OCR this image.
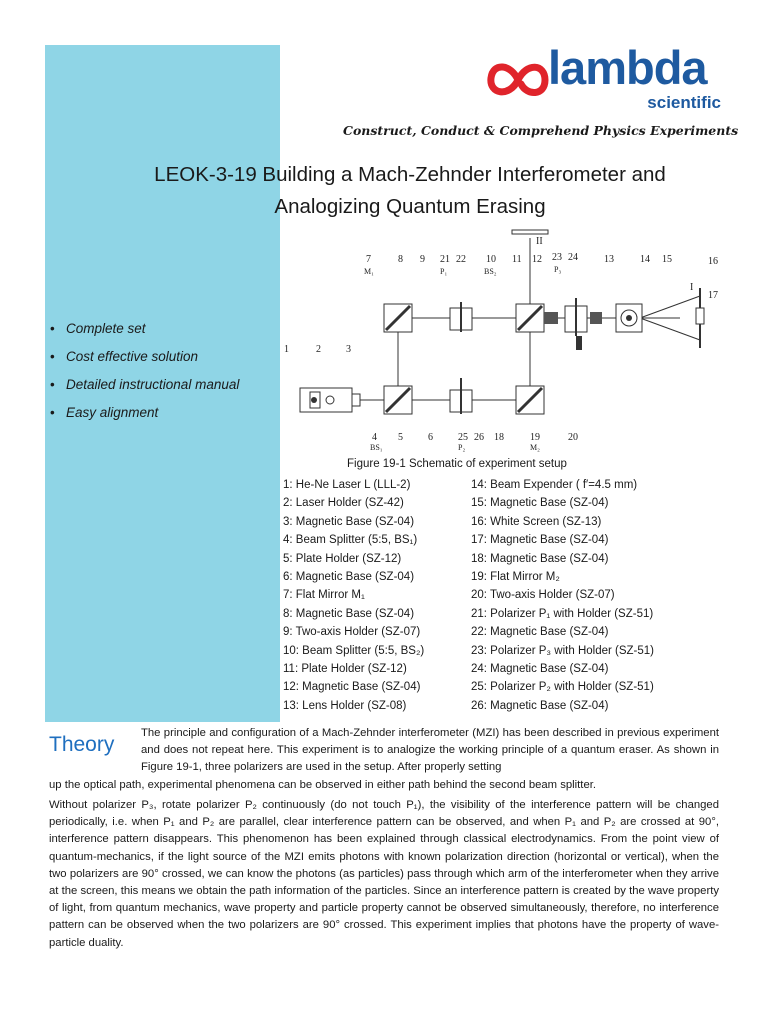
lambda
scientific
Construct, Conduct & Comprehend Physics Experiments
LEOK-3-19 Building a Mach-Zehnder Interferometer and
Analogizing Quantum Erasing
• Complete set
• Cost effective solution
• Detailed instructional manual
• Easy alignment
II
I
7
M₁
8 9 21
P₁
22 10
BS₂
11 12 23
P₃
24	13	14 15	16
17
1	2	3
4
BS₁
5	6	25
P₂
26 18	19
M₂
20
Figure 19-1 Schematic of experiment setup
1: He-Ne Laser L (LLL-2)
2: Laser Holder (SZ-42)
3: Magnetic Base (SZ-04)
4: Beam Splitter (5:5, BS₁)
5: Plate Holder (SZ-12)
6: Magnetic Base (SZ-04)
7: Flat Mirror M₁
8: Magnetic Base (SZ-04)
9: Two-axis Holder (SZ-07)
10: Beam Splitter (5:5, BS₂)
11: Plate Holder (SZ-12)
12: Magnetic Base (SZ-04)
13: Lens Holder (SZ-08)
14: Beam Expender ( f′=4.5 mm)
15: Magnetic Base (SZ-04)
16: White Screen (SZ-13)
17: Magnetic Base (SZ-04)
18: Magnetic Base (SZ-04)
19: Flat Mirror M₂
20: Two-axis Holder (SZ-07)
21: Polarizer P₁ with Holder (SZ-51)
22: Magnetic Base (SZ-04)
23: Polarizer P₃ with Holder (SZ-51)
24: Magnetic Base (SZ-04)
25: Polarizer P₂ with Holder (SZ-51)
26: Magnetic Base (SZ-04)
Theory The principle and configuration of a Mach-Zehnder interferometer (MZI) has been described in previous experiment and does not repeat here. This experiment is to analogize the working principle of a quantum eraser. As shown in Figure 19-1, three polarizers are used in the setup. After properly setting
up the optical path, experimental phenomena can be observed in either path behind the second beam splitter.
Without polarizer P₃, rotate polarizer P₂ continuously (do not touch P₁), the visibility of the interference pattern will be changed periodically, i.e. when P₁ and P₂ are parallel, clear interference pattern can be observed, and when P₁ and P₂ are crossed at 90°, interference pattern disappears. This phenomenon has been explained through classical electrodynamics. From the point view of quantum-mechanics, if the light source of the MZI emits photons with known polarization direction (horizontal or vertical), when the two polarizers are 90° crossed, we can know the photons (as particles) pass through which arm of the interferometer when they arrive at the screen, this means we obtain the path information of the particles. Since an interference pattern is created by the wave property of light, from quantum mechanics, wave property and particle property cannot be observed simultaneously, therefore, no interference pattern can be observed when the two polarizers are 90° crossed. This experiment implies that photons have the property of wave-particle duality.
